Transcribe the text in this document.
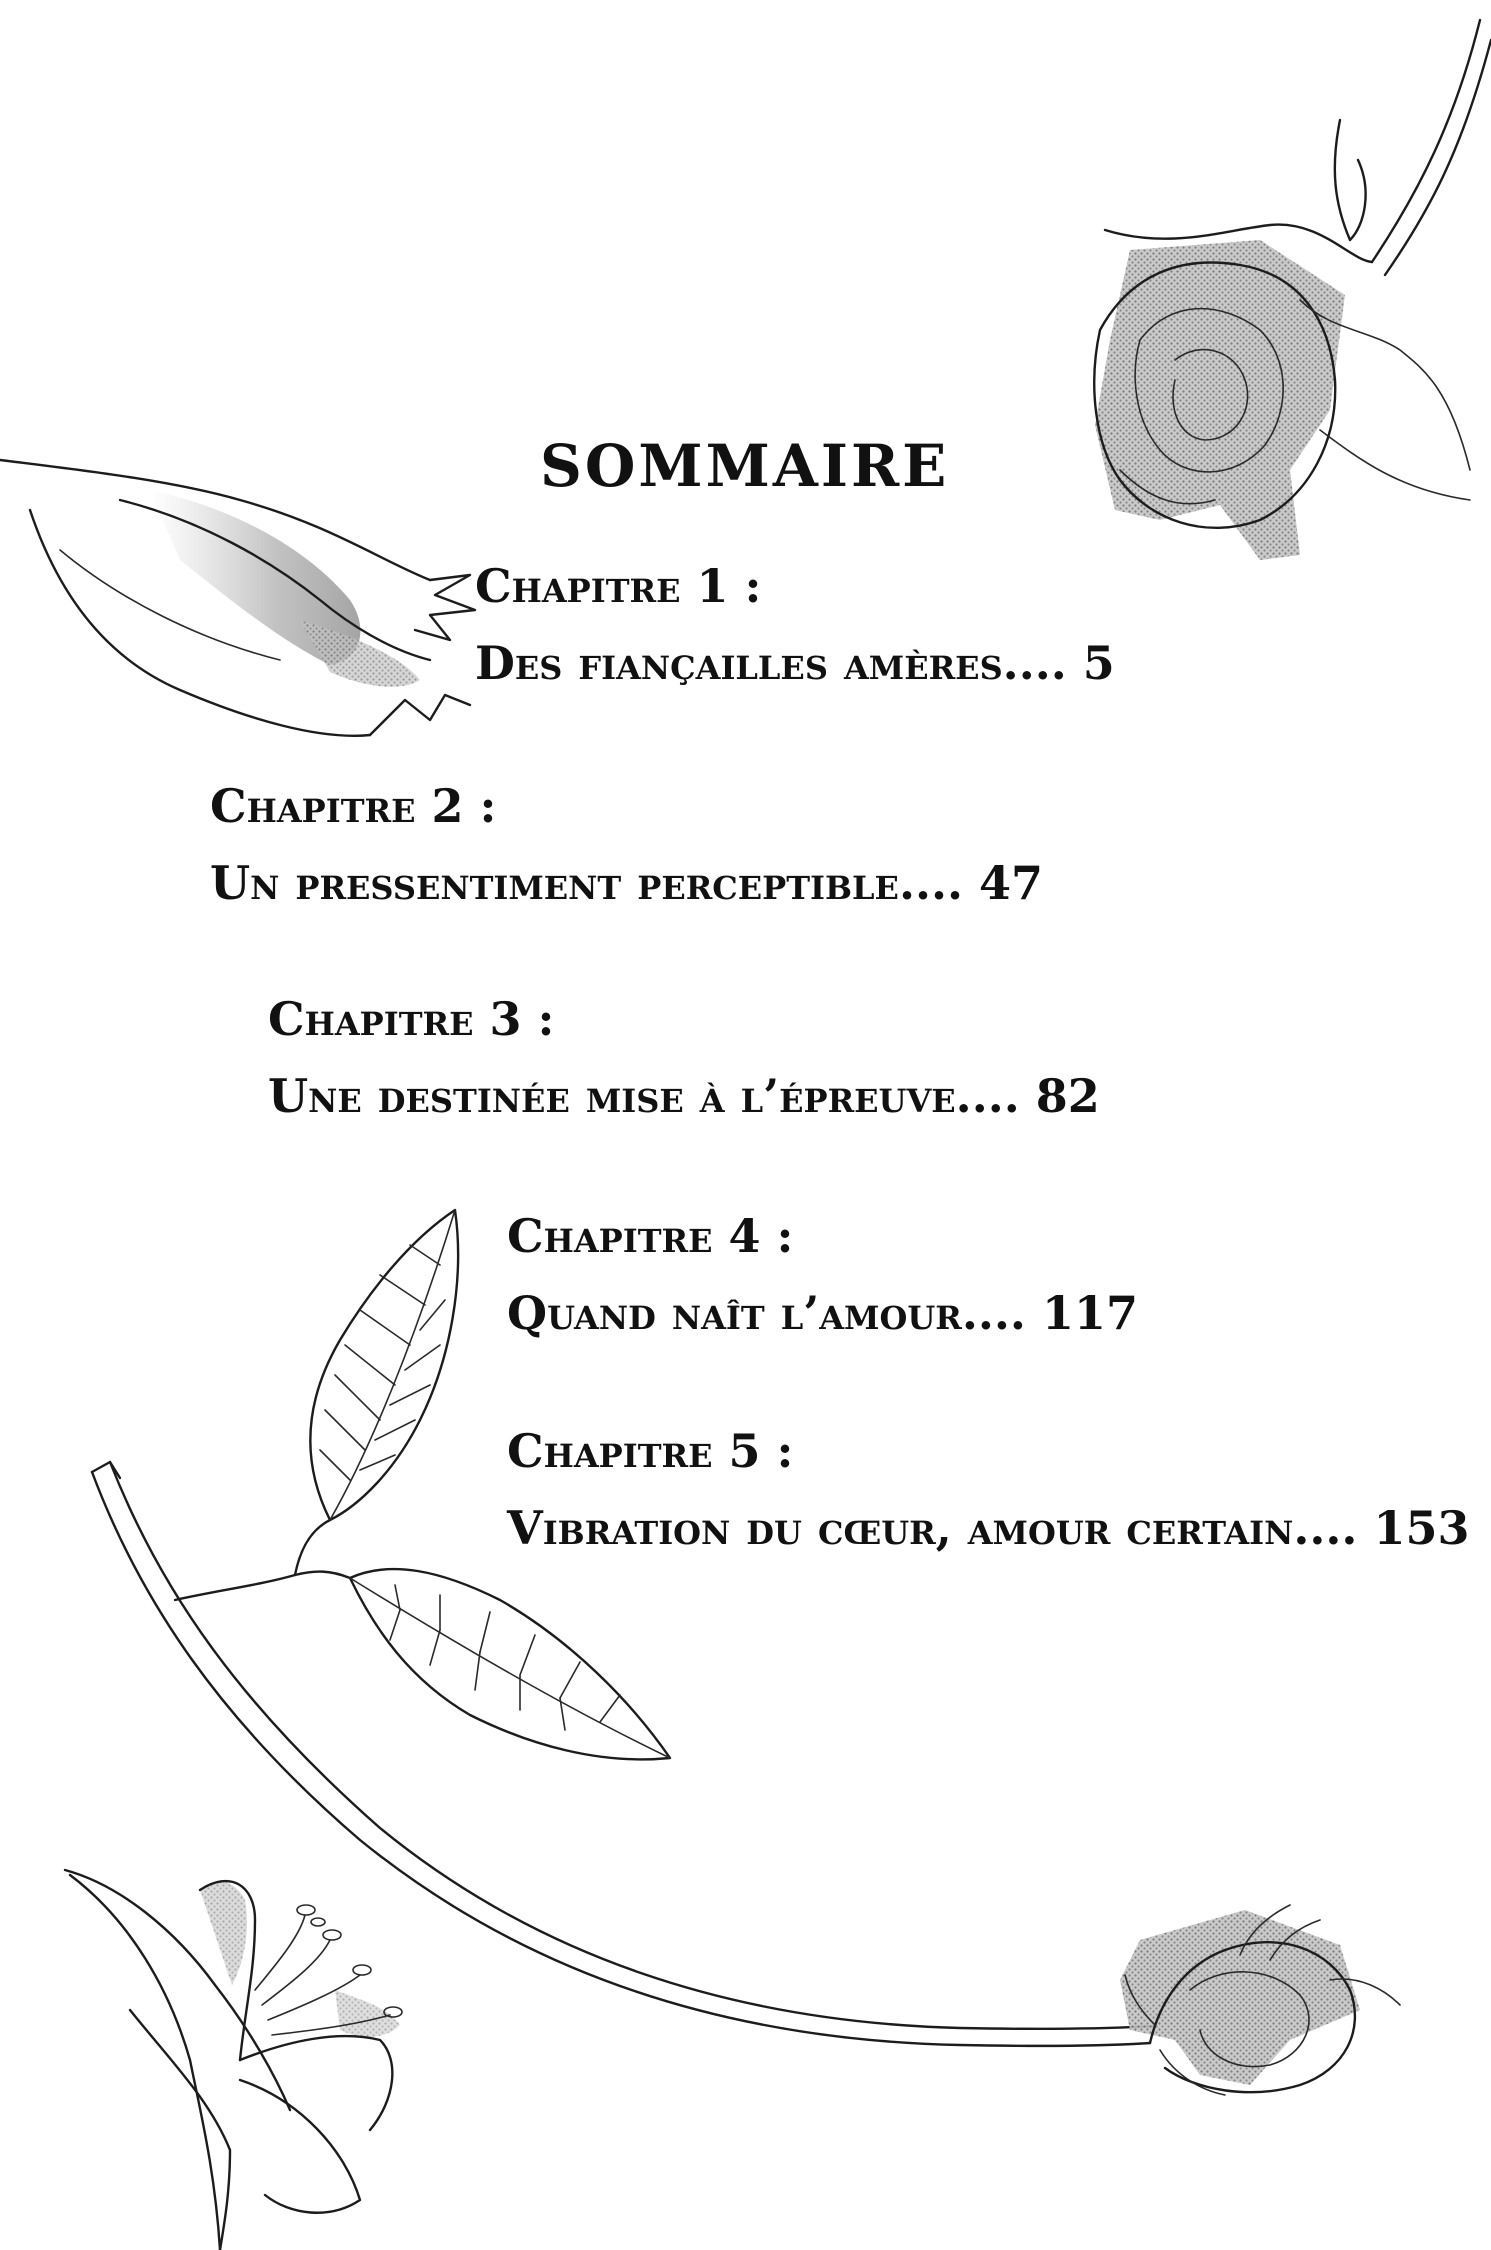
SOMMAIRE
Chapitre 1 :
Des fiançailles amères.... 5
Chapitre 2 :
Un pressentiment perceptible.... 47
Chapitre 3 :
Une destinée mise à l’épreuve.... 82
Chapitre 4 :
Quand naît l’amour.... 117
Chapitre 5 :
Vibration du cœur, amour certain.... 153
